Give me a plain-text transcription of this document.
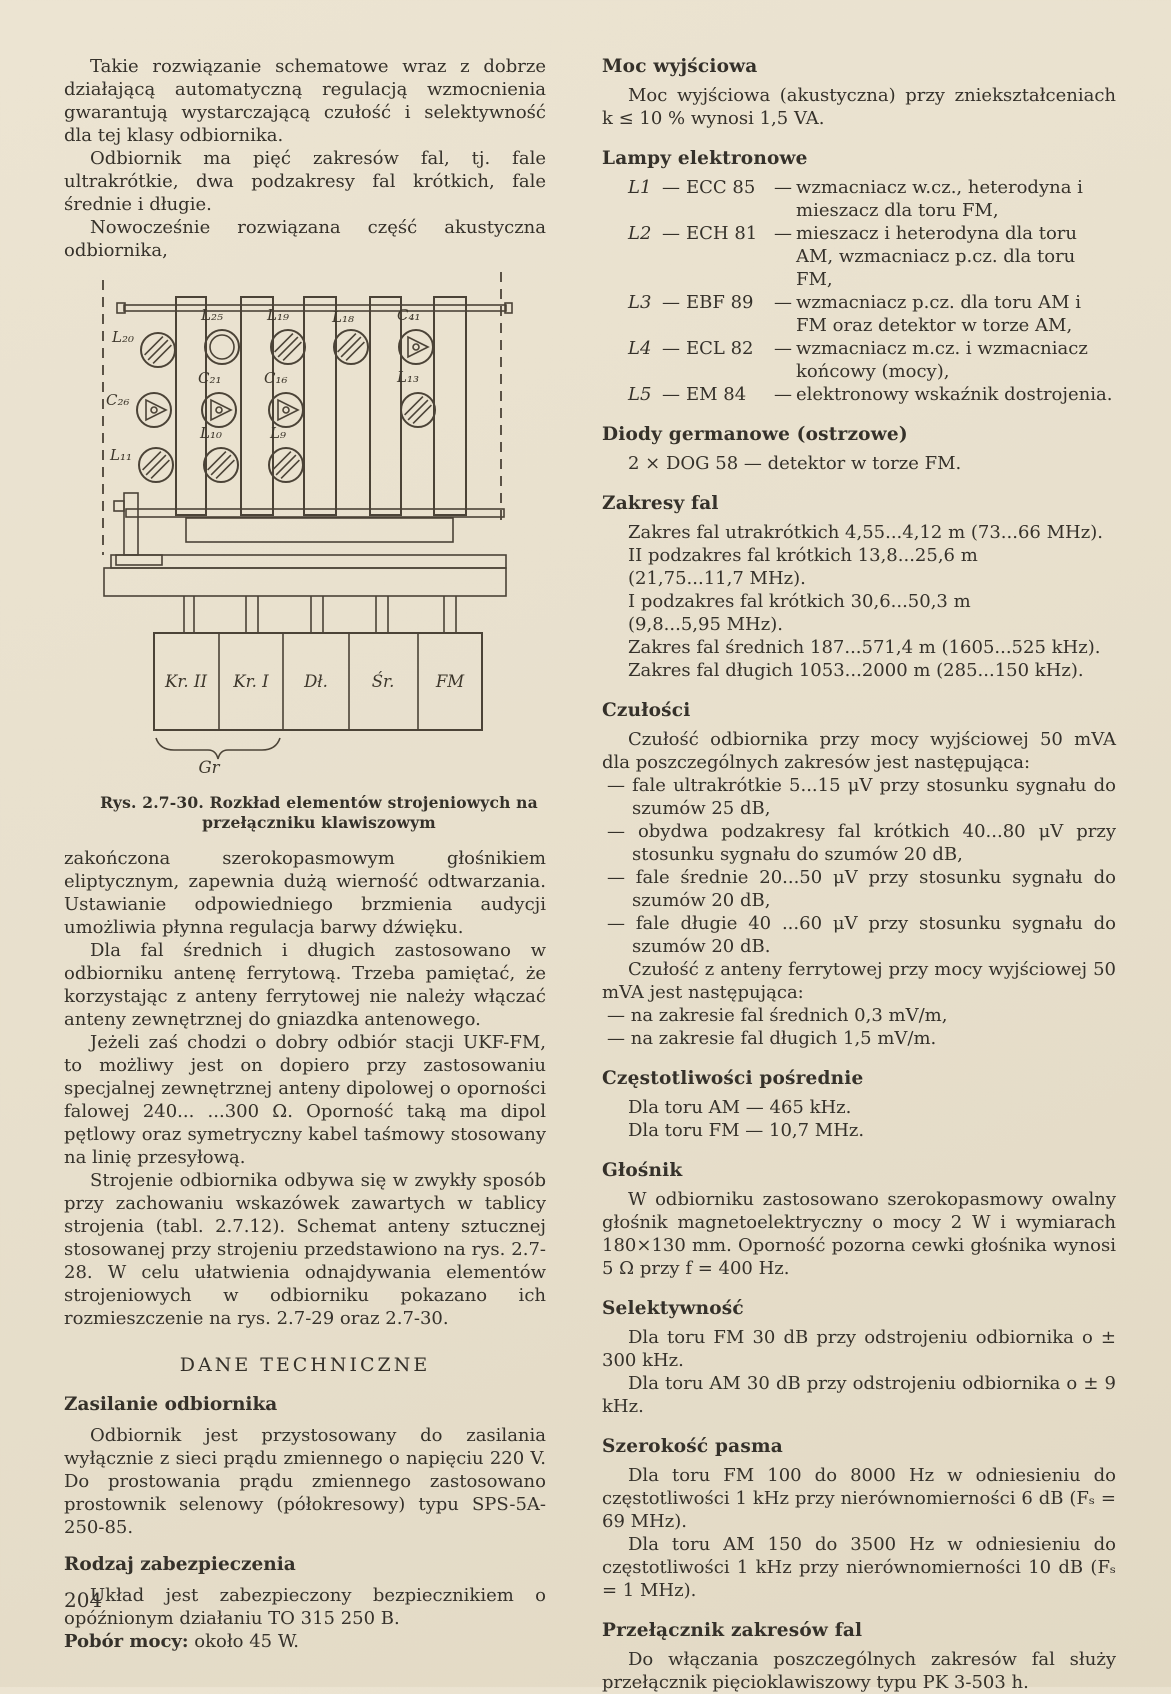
Takie rozwiązanie schematowe wraz z dobrze działającą automatyczną regulacją wzmocnienia gwarantują wystarczającą czułość i selektywność dla tej klasy odbiornika.

Odbiornik ma pięć zakresów fal, tj. fale ultrakrótkie, dwa podzakresy fal krótkich, fale średnie i długie.

Nowocześnie rozwiązana część akustyczna odbiornika,

L₂₀
L₂₅	L₁₉	L₁₈	C₄₁
C₂₆
C₂₁	C₁₆	L₁₃
L₁₁
L₁₀	L₉
Kr. II Kr. I Dł.	Śr.	FM
Gr
Rys. 2.7-30. Rozkład elementów strojeniowych na przełączniku klawiszowym

zakończona szerokopasmowym głośnikiem eliptycznym, zapewnia dużą wierność odtwarzania. Ustawianie odpowiedniego brzmienia audycji umożliwia płynna regulacja barwy dźwięku.

Dla fal średnich i długich zastosowano w odbiorniku antenę ferrytową. Trzeba pamiętać, że korzystając z anteny ferrytowej nie należy włączać anteny zewnętrznej do gniazdka antenowego.

Jeżeli zaś chodzi o dobry odbiór stacji UKF-FM, to możliwy jest on dopiero przy zastosowaniu specjalnej zewnętrznej anteny dipolowej o oporności falowej 240... ...300 Ω. Oporność taką ma dipol pętlowy oraz symetryczny kabel taśmowy stosowany na linię przesyłową.

Strojenie odbiornika odbywa się w zwykły sposób przy zachowaniu wskazówek zawartych w tablicy strojenia (tabl. 2.7.12). Schemat anteny sztucznej stosowanej przy strojeniu przedstawiono na rys. 2.7-28. W celu ułatwienia odnajdywania elementów strojeniowych w odbiorniku pokazano ich rozmieszczenie na rys. 2.7-29 oraz 2.7-30.

DANE TECHNICZNE
Zasilanie odbiornika

Odbiornik jest przystosowany do zasilania wyłącznie z sieci prądu zmiennego o napięciu 220 V. Do prostowania prądu zmiennego zastosowano prostownik selenowy (półokresowy) typu SPS-5A-250-85.

Rodzaj zabezpieczenia

Układ jest zabezpieczony bezpiecznikiem o opóźnionym działaniu TO 315 250 B.

Pobór mocy: około 45 W.

Moc wyjściowa

Moc wyjściowa (akustyczna) przy zniekształceniach k ≤ 10 % wynosi 1,5 VA.

Lampy elektronowe
L1 — ECC 85	— wzmacniacz w.cz., heterodyna i mieszacz dla toru FM,
L2 — ECH 81 — mieszacz i heterodyna dla toru AM, wzmacniacz p.cz. dla toru FM,
L3 — EBF 89	— wzmacniacz p.cz. dla toru AM i FM oraz detektor w torze AM,
L4 — ECL 82	— wzmacniacz m.cz. i wzmacniacz końcowy (mocy),
L5 — EM 84	— elektronowy wskaźnik dostrojenia.
Diody germanowe (ostrzowe)

2 × DOG 58 — detektor w torze FM.

Zakresy fal
Zakres fal utrakrótkich 4,55...4,12 m (73...66 MHz).
II podzakres fal krótkich 13,8...25,6 m
(21,75...11,7 MHz).
I podzakres fal krótkich 30,6...50,3 m
(9,8...5,95 MHz).
Zakres fal średnich 187...571,4 m (1605...525 kHz).
Zakres fal długich 1053...2000 m (285...150 kHz).
Czułości

Czułość odbiornika przy mocy wyjściowej 50 mVA dla poszczególnych zakresów jest następująca:

— fale ultrakrótkie 5...15 μV przy stosunku sygnału do szumów 25 dB,
— obydwa podzakresy fal krótkich 40...80 μV przy stosunku sygnału do szumów 20 dB,
— fale średnie 20...50 μV przy stosunku sygnału do szumów 20 dB,
— fale długie 40 ...60 μV przy stosunku sygnału do szumów 20 dB.

Czułość z anteny ferrytowej przy mocy wyjściowej 50 mVA jest następująca:

— na zakresie fal średnich 0,3 mV/m,
— na zakresie fal długich 1,5 mV/m.
Częstotliwości pośrednie
Dla toru AM — 465 kHz.
Dla toru FM — 10,7 MHz.
Głośnik

W odbiorniku zastosowano szerokopasmowy owalny głośnik magnetoelektryczny o mocy 2 W i wymiarach 180×130 mm. Oporność pozorna cewki głośnika wynosi 5 Ω przy f = 400 Hz.

Selektywność

Dla toru FM 30 dB przy odstrojeniu odbiornika o ± 300 kHz.

Dla toru AM 30 dB przy odstrojeniu odbiornika o ± 9 kHz.

Szerokość pasma

Dla toru FM 100 do 8000 Hz w odniesieniu do częstotliwości 1 kHz przy nierównomierności 6 dB (Fₛ = 69 MHz).

Dla toru AM 150 do 3500 Hz w odniesieniu do częstotliwości 1 kHz przy nierównomierności 10 dB (Fₛ = 1 MHz).

Przełącznik zakresów fal

Do włączania poszczególnych zakresów fal służy przełącznik pięcioklawiszowy typu PK 3-503 h.

204
